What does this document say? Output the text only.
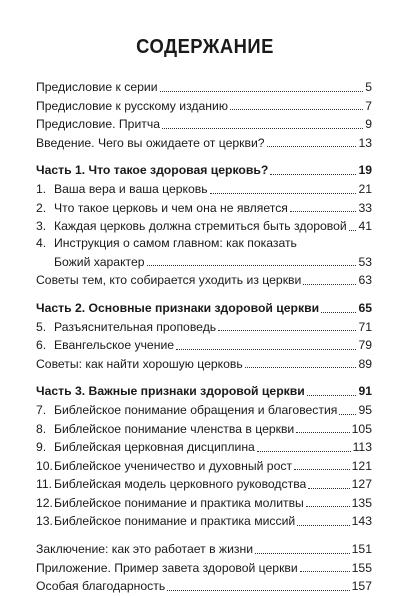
СОДЕРЖАНИЕ
Предисловие к серии	5
Предисловие к русскому изданию	7
Предисловие. Притча	9
Введение. Чего вы ожидаете от церкви?	13
Часть 1. Что такое здоровая церковь?	19
1. Ваша вера и ваша церковь	21
2. Что такое церковь и чем она не является	33
3. Каждая церковь должна стремиться быть здоровой 41
4. Инструкция о самом главном: как показать
Божий характер	53
Советы тем, кто собирается уходить из церкви	63
Часть 2. Основные признаки здоровой церкви	65
5. Разъяснительная проповедь	71
6. Евангельское учение	79
Советы: как найти хорошую церковь	89
Часть 3. Важные признаки здоровой церкви	91
7. Библейское понимание обращения и благовестия 95
8. Библейское понимание членства в церкви	105
9. Библейская церковная дисциплина	113
10. Библейское ученичество и духовный рост	121
11. Библейская модель церковного руководства	127
12. Библейское понимание и практика молитвы	135
13. Библейское понимание и практика миссий	143
Заключение: как это работает в жизни	151
Приложение. Пример завета здоровой церкви	155
Особая благодарность	157
